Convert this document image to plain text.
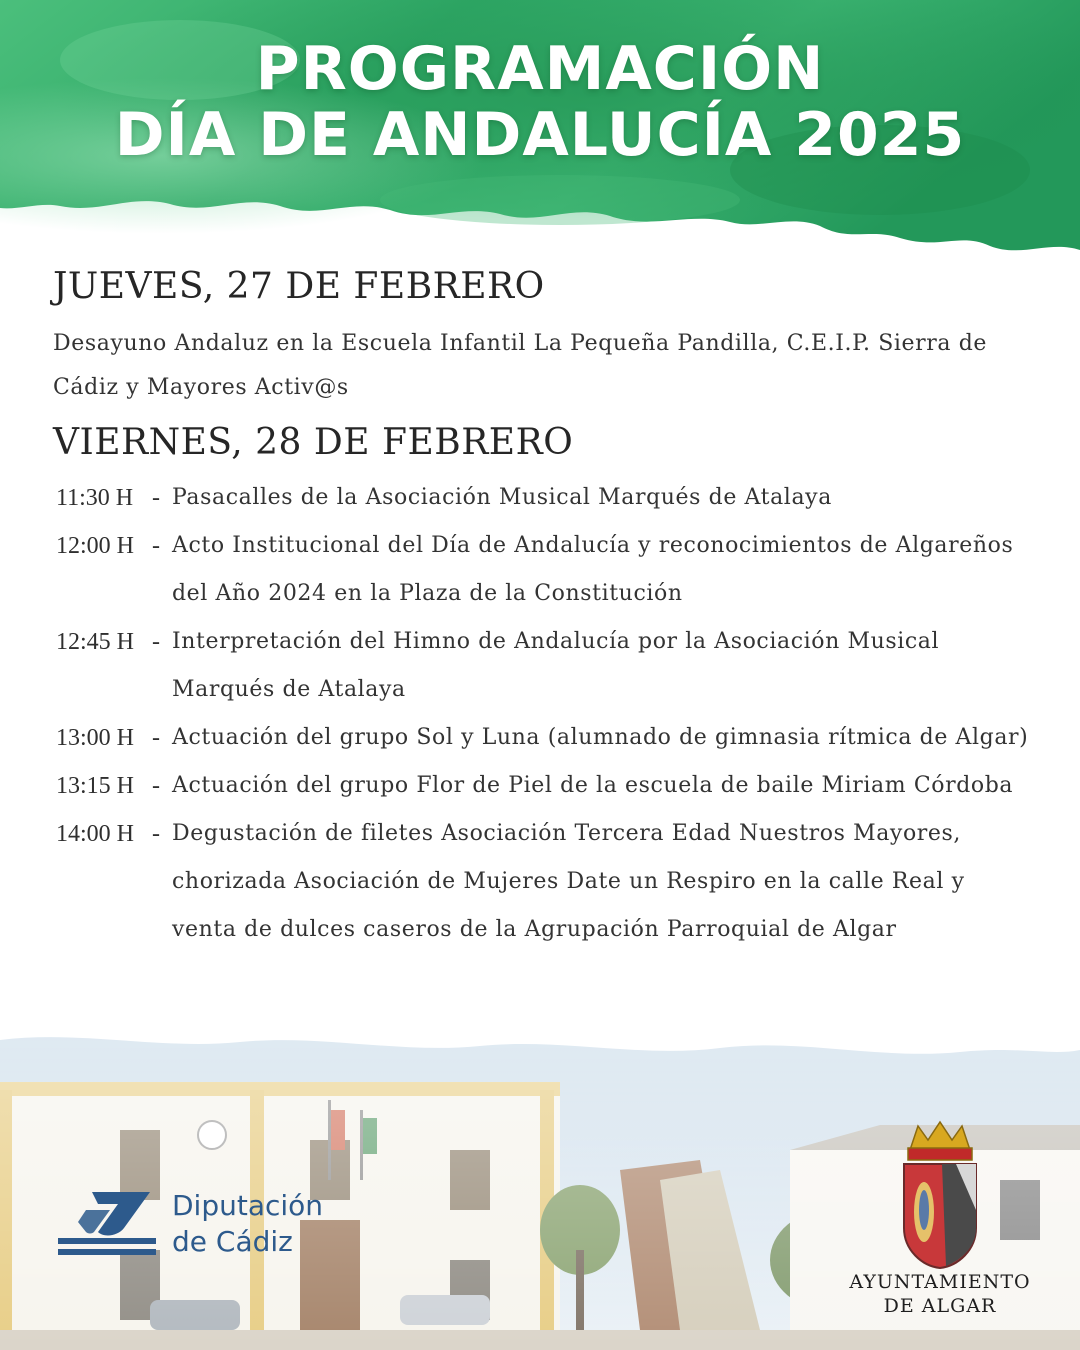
PROGRAMACIÓN
DÍA DE ANDALUCÍA 2025
JUEVES, 27 DE FEBRERO
Desayuno Andaluz en la Escuela Infantil La Pequeña Pandilla, C.E.I.P. Sierra de Cádiz y Mayores Activ@s
VIERNES, 28 DE FEBRERO
11:30 H - Pasacalles de la Asociación Musical Marqués de Atalaya
12:00 H - Acto Institucional del Día de Andalucía y reconocimientos de Algareños del Año 2024 en la Plaza de la Constitución
12:45 H - Interpretación del Himno de Andalucía por la Asociación Musical Marqués de Atalaya
13:00 H - Actuación del grupo Sol y Luna (alumnado de gimnasia rítmica de Algar)
13:15 H - Actuación del grupo Flor de Piel de la escuela de baile Miriam Córdoba
14:00 H - Degustación de filetes Asociación Tercera Edad Nuestros Mayores, chorizada Asociación de Mujeres Date un Respiro en la calle Real y venta de dulces caseros de la Agrupación Parroquial de Algar
Diputación
de Cádiz
AYUNTAMIENTO
DE ALGAR
